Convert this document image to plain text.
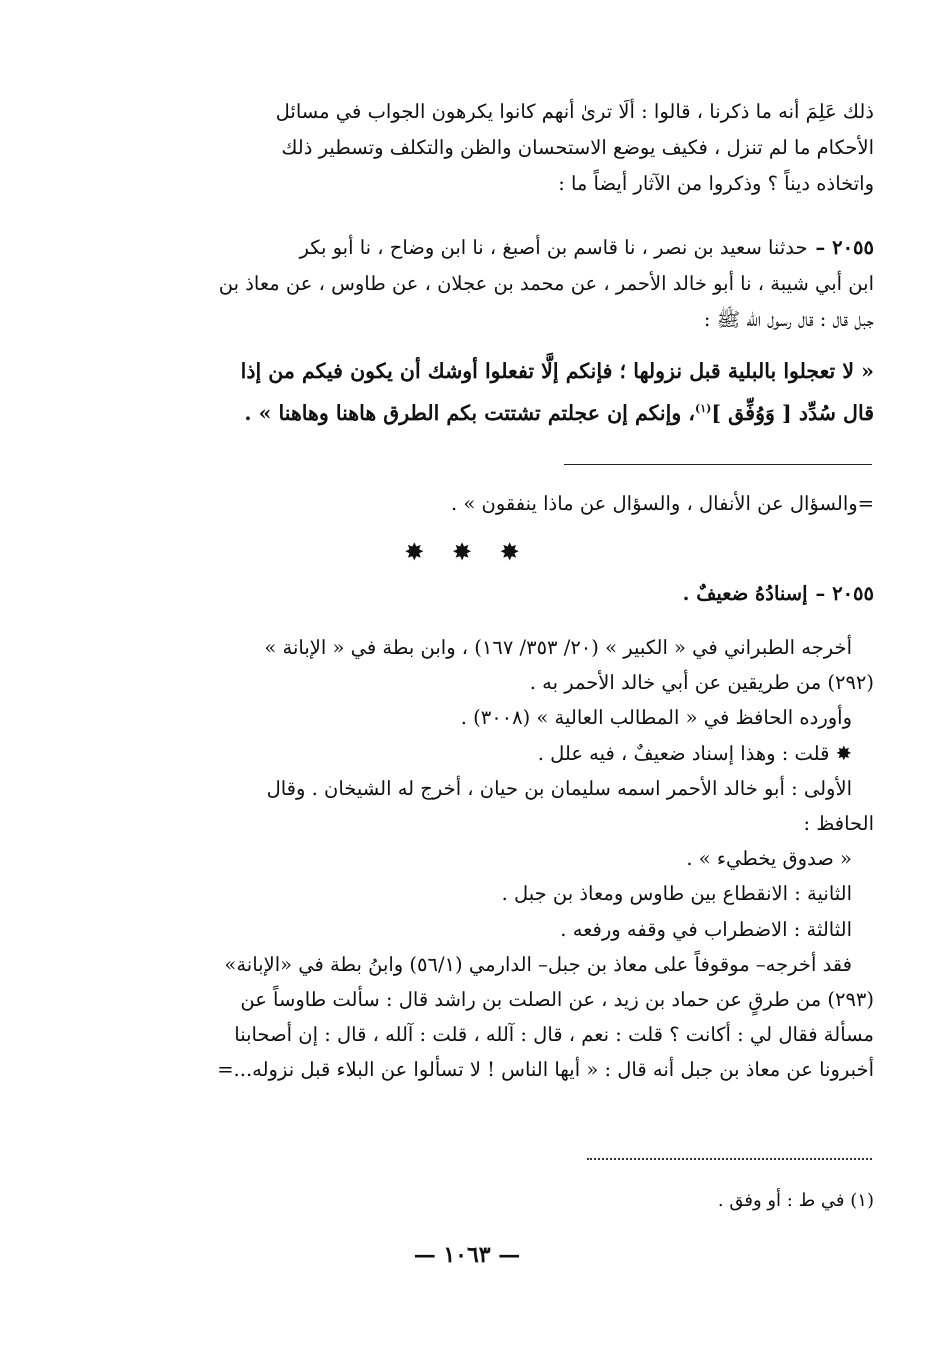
ذلك عَلِمَ أنه ما ذكرنا ، قالوا : ألَا ترىٰ أنهم كانوا يكرهون الجواب في مسائل
الأحكام ما لم تنزل ، فكيف يوضع الاستحسان والظن والتكلف وتسطير ذلك
واتخاذه ديناً ؟ وذكروا من الآثار أيضاً ما :
٢٠٥٥ –حدثنا سعيد بن نصر ، نا قاسم بن أصبغ ، نا ابن وضاح ، نا أبو بكر
ابن أبي شيبة ، نا أبو خالد الأحمر ، عن محمد بن عجلان ، عن طاوس ، عن معاذ بن
جبل قال : قال رسول الله ﷺ :
« لا تعجلوا بالبلية قبل نزولها ؛ فإنكم إلَّا تفعلوا أوشك أن يكون فيكم من إذا
قال سُدِّد [ وَوُفِّق ]$^{(١)}$، وإنكم إن عجلتم تشتتت بكم الطرق هاهنا وهاهنا » .
=والسؤال عن الأنفال ، والسؤال عن ماذا ينفقون » .
✸ ✸ ✸
٢٠٥٥ –إسنادُهُ ضعيفٌ .
أخرجه الطبراني في « الكبير » (٢٠/ ٣٥٣/ ١٦٧) ، وابن بطة في « الإبانة »
(٢٩٢) من طريقين عن أبي خالد الأحمر به .
وأورده الحافظ في « المطالب العالية » (٣٠٠٨) .
✸ قلت : وهذا إسناد ضعيفٌ ، فيه علل .
الأولى : أبو خالد الأحمر اسمه سليمان بن حيان ، أخرج له الشيخان . وقال
الحافظ :
« صدوق يخطيء » .
الثانية : الانقطاع بين طاوس ومعاذ بن جبل .
الثالثة : الاضطراب في وقفه ورفعه .
فقد أخرجه– موقوفاً على معاذ بن جبل– الدارمي (٥٦/١) وابنُ بطة في «الإبانة»
(٢٩٣) من طرقٍ عن حماد بن زيد ، عن الصلت بن راشد قال : سألت طاوساً عن
مسألة فقال لي : أكانت ؟ قلت : نعم ، قال : آلله ، قلت : آلله ، قال : إن أصحابنا
أخبرونا عن معاذ بن جبل أنه قال : « أيها الناس ! لا تسألوا عن البلاء قبل نزوله...=
(١) في ط : أو وفق .
— ١٠٦٣ —
